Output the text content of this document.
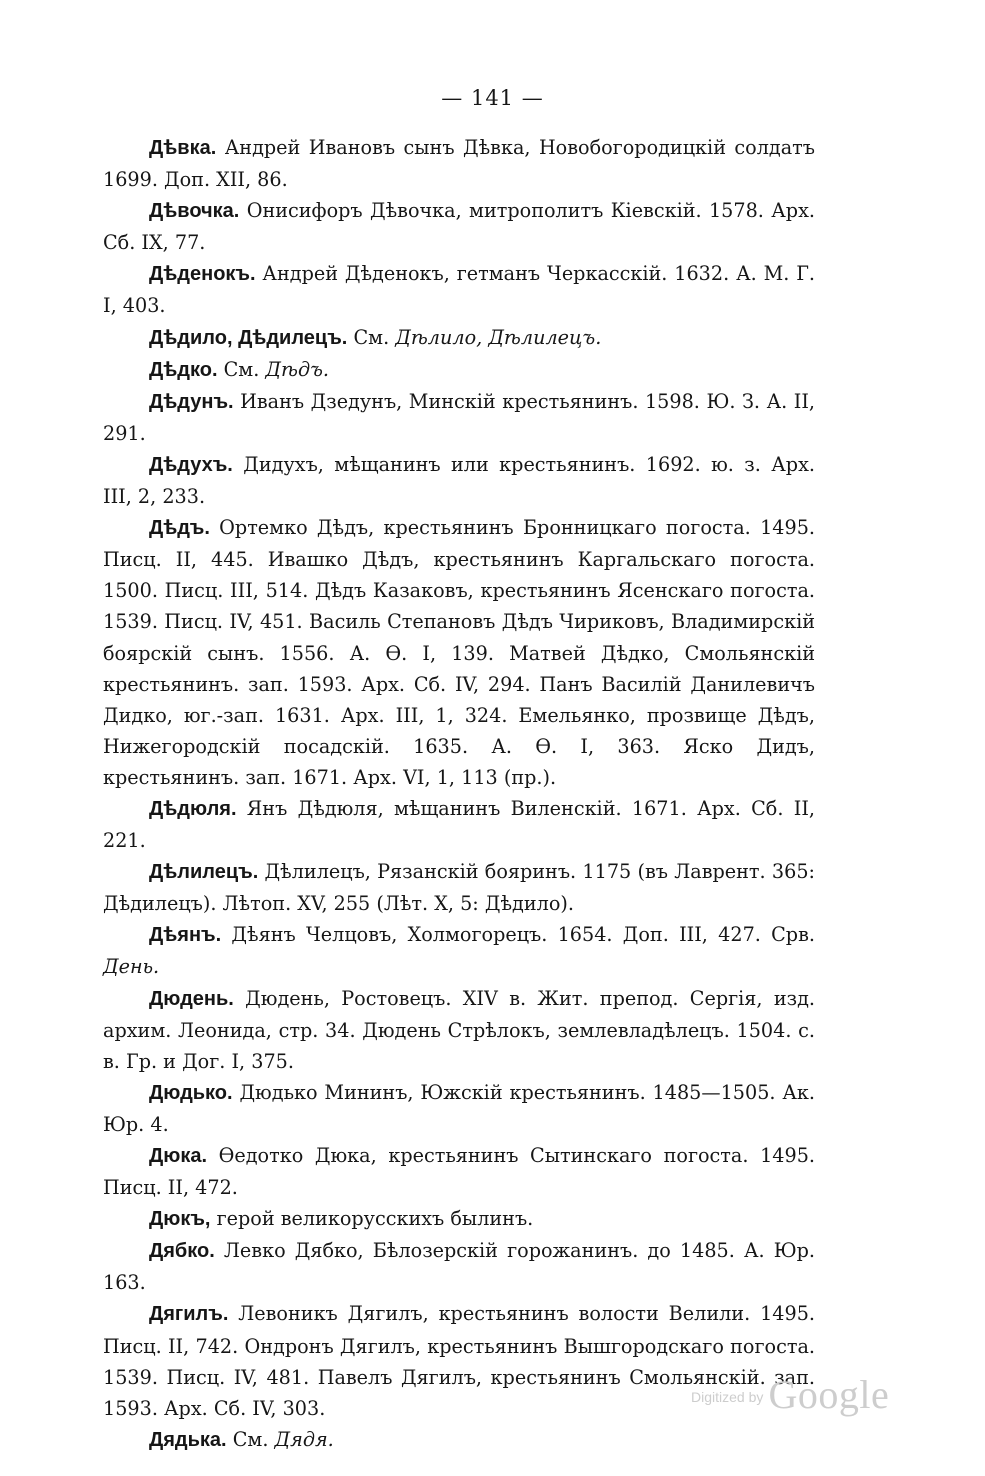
— 141 —

Дѣвка. Андрей Ивановъ сынъ Дѣвка, Новобогородицкій солдатъ 1699. Доп. XII, 86.

Дѣвочка. Онисифоръ Дѣвочка, митрополитъ Кіевскій. 1578. Арх. Сб. IX, 77.

Дѣденокъ. Андрей Дѣденокъ, гетманъ Черкасскій. 1632. А. М. Г. I, 403.

Дѣдило, Дѣдилецъ. См. Дѣлило, Дѣлилецъ.

Дѣдко. См. Дѣдъ.

Дѣдунъ. Иванъ Дзедунъ, Минскій крестьянинъ. 1598. Ю. З. А. II, 291.

Дѣдухъ. Дидухъ, мѣщанинъ или крестьянинъ. 1692. ю. з. Арх. III, 2, 233.

Дѣдъ. Ортемко Дѣдъ, крестьянинъ Бронницкаго погоста. 1495. Писц. II, 445. Ивашко Дѣдъ, крестьянинъ Каргальскаго погоста. 1500. Писц. III, 514. Дѣдъ Казаковъ, крестьянинъ Ясенскаго погоста. 1539. Писц. IV, 451. Василь Степановъ Дѣдъ Чириковъ, Владимирскій боярскій сынъ. 1556. А. Ѳ. I, 139. Матвей Дѣдко, Смольянскій крестьянинъ. зап. 1593. Арх. Сб. IV, 294. Панъ Василій Данилевичъ Дидко, юг.-зап. 1631. Арх. III, 1, 324. Емельянко, прозвище Дѣдъ, Нижегородскій посадскій. 1635. А. Ѳ. I, 363. Яско Дидъ, крестьянинъ. зап. 1671. Арх. VI, 1, 113 (пр.).

Дѣдюля. Янъ Дѣдюля, мѣщанинъ Виленскій. 1671. Арх. Сб. II, 221.

Дѣлилецъ. Дѣлилецъ, Рязанскій бояринъ. 1175 (въ Лаврент. 365: Дѣдилецъ). Лѣтоп. XV, 255 (Лѣт. X, 5: Дѣдило).

Дѣянъ. Дѣянъ Челцовъ, Холмогорецъ. 1654. Доп. III, 427. Срв. День.

Дюдень. Дюдень, Ростовецъ. XIV в. Жит. препод. Сергія, изд. архим. Леонида, стр. 34. Дюдень Стрѣлокъ, землевладѣлецъ. 1504. с. в. Гр. и Дог. I, 375.

Дюдько. Дюдько Мининъ, Южскій крестьянинъ. 1485—1505. Ак. Юр. 4.

Дюка. Ѳедотко Дюка, крестьянинъ Сытинскаго погоста. 1495. Писц. II, 472.

Дюкъ, герой великорусскихъ былинъ.

Дябко. Левко Дябко, Бѣлозерскій горожанинъ. до 1485. А. Юр. 163.

Дягилъ. Левоникъ Дягилъ, крестьянинъ волости Велили. 1495. Писц. II, 742. Ондронъ Дягилъ, крестьянинъ Вышгородскаго погоста. 1539. Писц. IV, 481. Павелъ Дягилъ, крестьянинъ Смольянскій. зап. 1593. Арх. Сб. IV, 303.

Дядька. См. Дядя.

Digitized by Google
